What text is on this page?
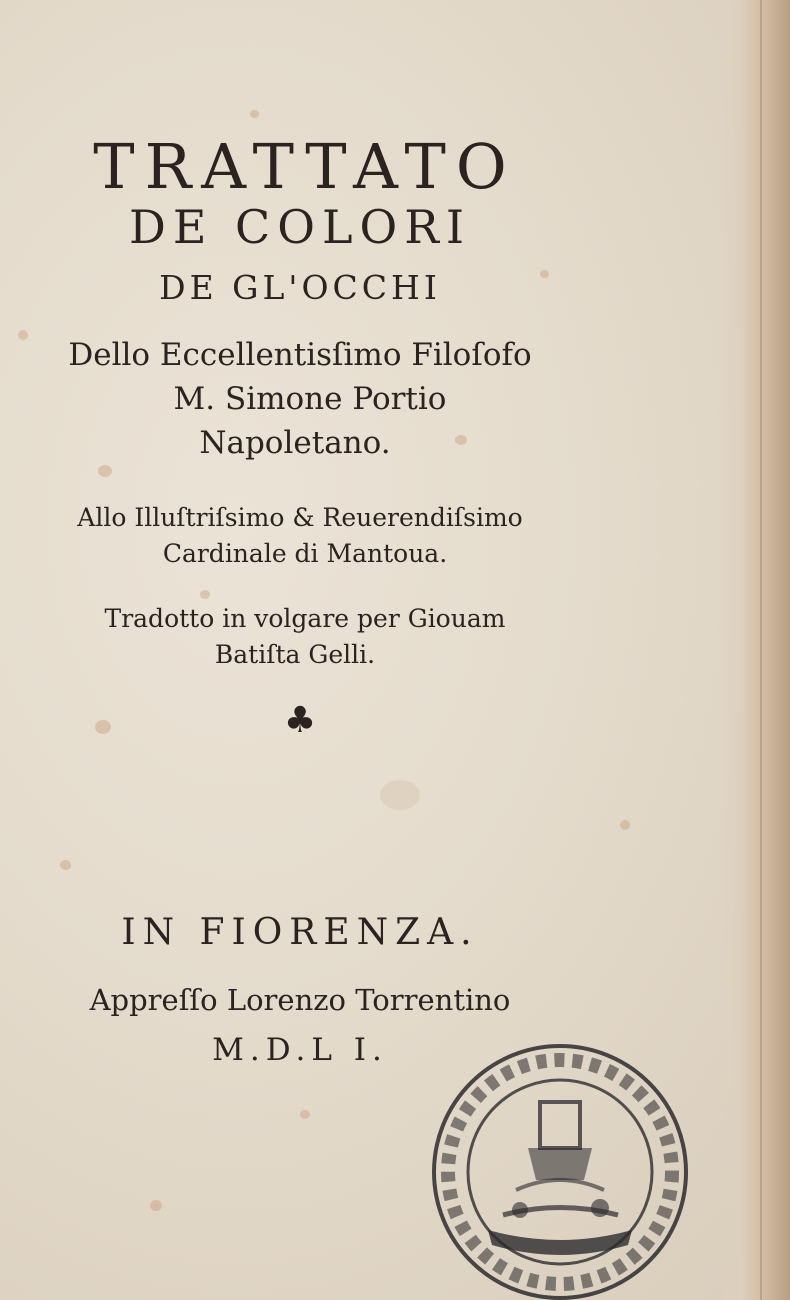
TRATTATO
DE COLORI
DE GL'OCCHI
Dello Eccellentisſimo Filoſofo
M. Simone Portio
Napoletano.
Allo Illuſtriſsimo & Reuerendiſsimo
Cardinale di Mantoua.
Tradotto in volgare per Giouam
Batiſta Gelli.
♣
IN FIORENZA.
Appreſſo Lorenzo Torrentino
M.D.L I.
